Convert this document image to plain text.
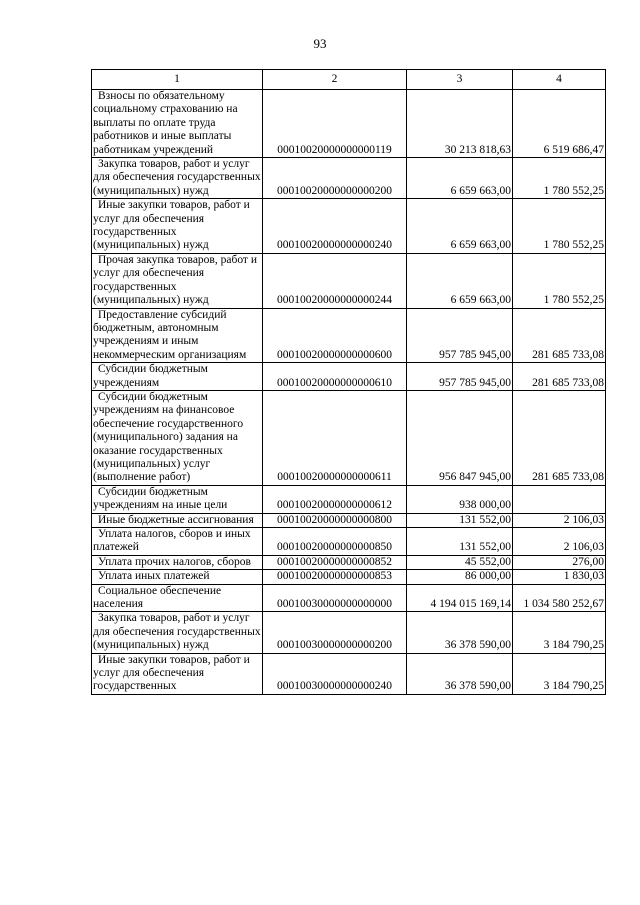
93
1	2	3	4
Взносы по обязательному социальному страхованию на выплаты по оплате труда работников и иные выплаты работникам учреждений	00010020000000000119	30 213 818,63	6 519 686,47
Закупка товаров, работ и услуг для обеспечения государственных (муниципальных) нужд	00010020000000000200	6 659 663,00	1 780 552,25
Иные закупки товаров, работ и услуг для обеспечения государственных (муниципальных) нужд	00010020000000000240	6 659 663,00	1 780 552,25
Прочая закупка товаров, работ и услуг для обеспечения государственных (муниципальных) нужд	00010020000000000244	6 659 663,00	1 780 552,25
Предоставление субсидий бюджетным, автономным учреждениям и иным некоммерческим организациям	00010020000000000600	957 785 945,00	281 685 733,08
Субсидии бюджетным учреждениям	00010020000000000610	957 785 945,00	281 685 733,08
Субсидии бюджетным учреждениям на финансовое обеспечение государственного (муниципального) задания на оказание государственных (муниципальных) услуг (выполнение работ)	00010020000000000611	956 847 945,00	281 685 733,08
Субсидии бюджетным учреждениям на иные цели	00010020000000000612	938 000,00	
Иные бюджетные ассигнования	00010020000000000800	131 552,00	2 106,03
Уплата налогов, сборов и иных платежей	00010020000000000850	131 552,00	2 106,03
Уплата прочих налогов, сборов	00010020000000000852	45 552,00	276,00
Уплата иных платежей	00010020000000000853	86 000,00	1 830,03
Социальное обеспечение населения	00010030000000000000	4 194 015 169,14	1 034 580 252,67
Закупка товаров, работ и услуг для обеспечения государственных (муниципальных) нужд	00010030000000000200	36 378 590,00	3 184 790,25
Иные закупки товаров, работ и услуг для обеспечения государственных	00010030000000000240	36 378 590,00	3 184 790,25
